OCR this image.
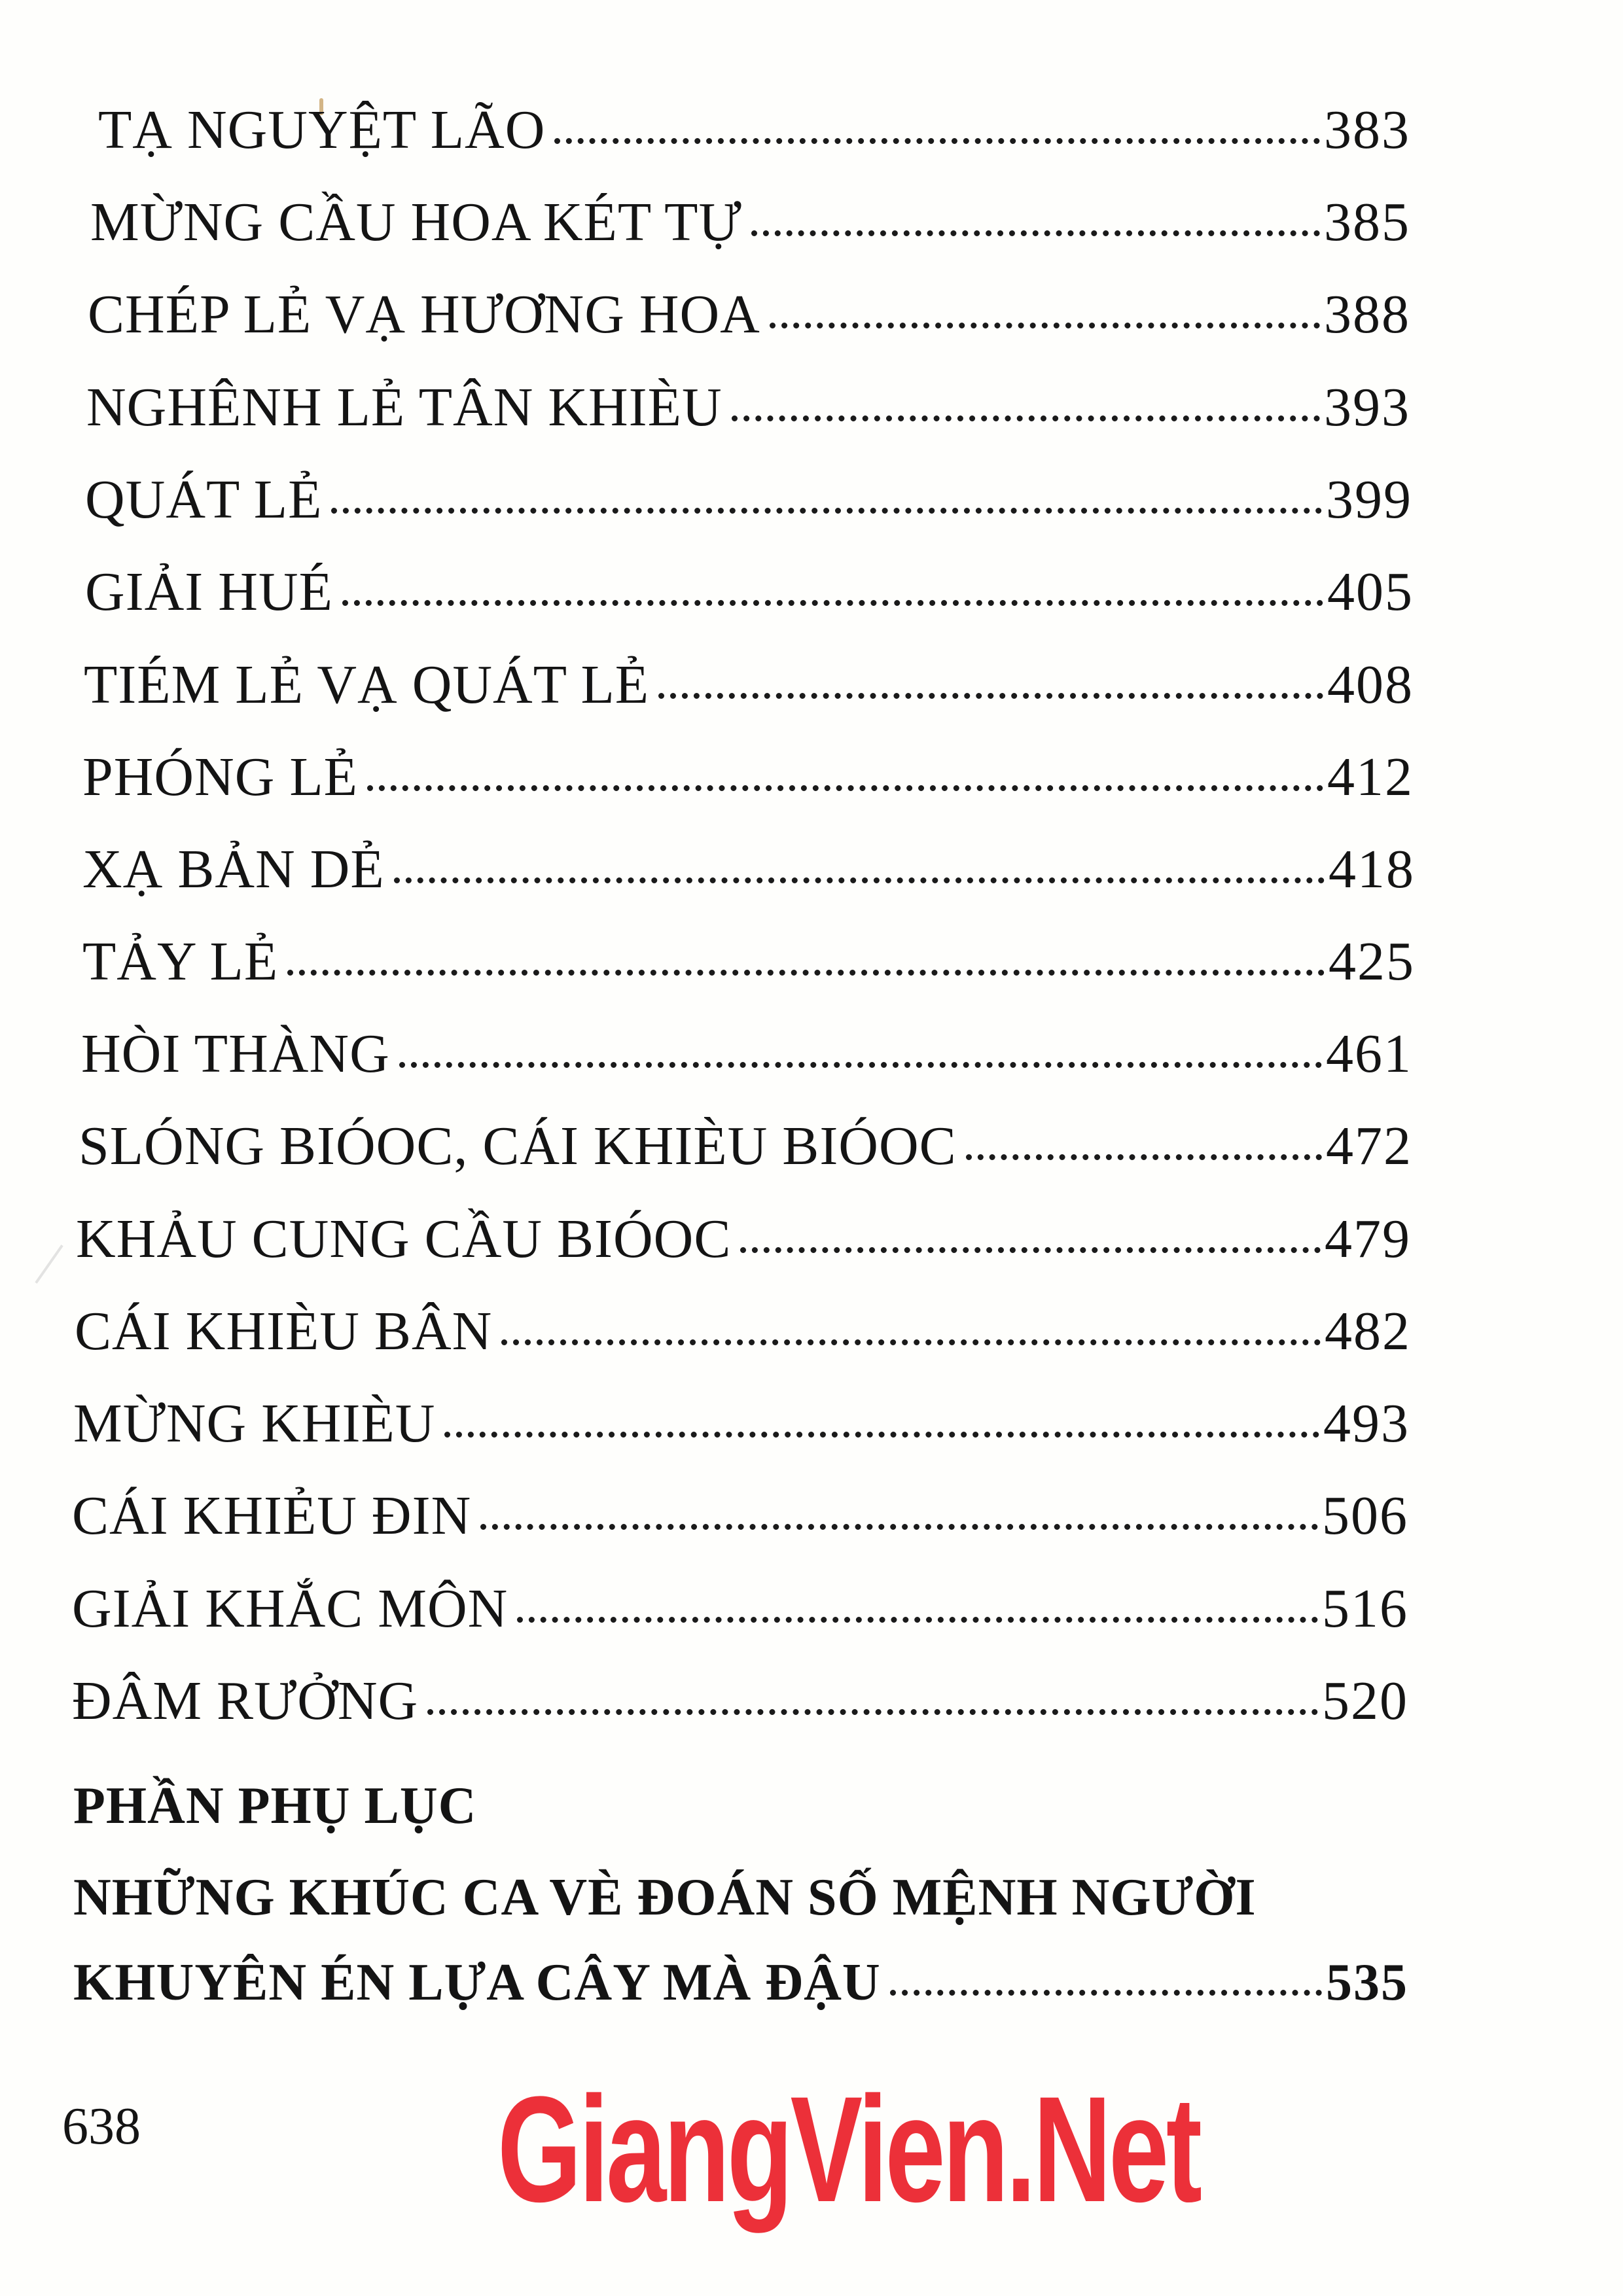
TẠ NGUYỆT LÃO	383
MỪNG CẦU HOA KÉT TỰ	385
CHÉP LẺ VẠ HƯƠNG HOA	388
NGHÊNH LẺ TÂN KHIÈU	393
QUÁT LẺ	399
GIẢI HUÉ	405
TIÉM LẺ VẠ QUÁT LẺ	408
PHÓNG LẺ	412
XẠ BẢN DẺ	418
TẢY LẺ	425
HÒI THÀNG	461
SLÓNG BIÓOC, CÁI KHIÈU BIÓOC	472
KHẢU CUNG CẦU BIÓOC	479
CÁI KHIÈU BÂN	482
MỪNG KHIÈU	493
CÁI KHIẺU ĐIN	506
GIẢI KHẮC MÔN	516
ĐÂM RƯỞNG	520
PHẦN PHỤ LỤC
NHỮNG KHÚC CA VÈ ĐOÁN SỐ MỆNH NGƯỜI
KHUYÊN ÉN LỰA CÂY MÀ ĐẬU	535
638 GiangVien.Net
